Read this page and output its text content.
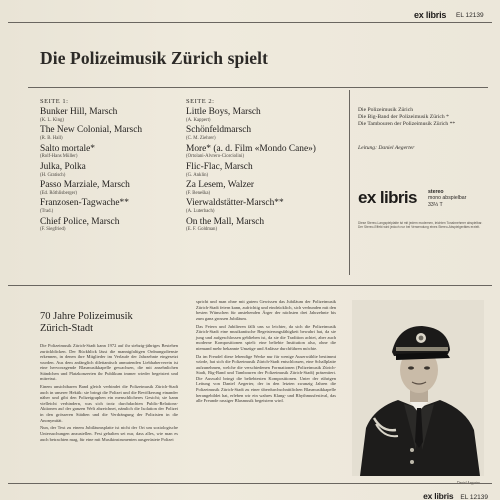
ex libris EL 12139
Die Polizeimusik Zürich spielt
SEITE 1:
Bunker Hill, Marsch
(K. L. King)
The New Colonial, Marsch
(R. B. Hall)
Salto mortale*
(Rolf-Hans Müller)
Julka, Polka
(H. Gratisch)
Passo Marziale, Marsch
(Ed. Röthlisberger)
Franzosen-Tagwache**
(Trad.)
Chief Police, Marsch
(F. Siegfried)
SEITE 2:
Little Boys, Marsch
(A. Kappert)
Schönfeldmarsch
(C. M. Ziehrer)
More* (a. d. Film «Mondo Cane»)
(Ortolani-Alvrero-Ciorciolini)
Flic-Flac, Marsch
(G. Anklin)
Za Lesem, Walzer
(F. Beneška)
Vierwaldstätter-Marsch**
(A. Luterbach)
On the Mall, Marsch
(E. F. Goldman)

Die Polizeimusik Zürich

Die Big-Band der Polizeimusik Zürich *

Die Tambouren der Polizeimusik Zürich **

Leitung: Daniel Aegerter
ex libris stereo
mono abspielbar
33⅓ T

Diese Stereo-Langspielplatte ist mit jedem modernen, leichten Tonabnehmer abspielbar. Der Stereo-Effekt wird jedoch nur bei Verwendung eines Stereo-Abspielgerätes erzielt.

70 Jahre Polizeimusik
Zürich-Stadt

Die Polizeimusik Zürich-Stadt kann 1972 auf ihr siebzig-jähriges Bestehen zurückblicken. Der Rückblick lässt die mannigfaltigen Ordnungsdienste erkennen, in denen ihre Mitglieder im Verlaufe der Jahrzehnte eingesetzt wurden. Aus dem anfänglich dilettantisch anmutenden Liebhaberverein ist eine hervorragende Blasmusikkapelle gewachsen, die mit ansehnlichen Ständchen und Platzkonzerten ihr Publikum immer wieder begeistert und mitreisst.

Einem unsichtbaren Band gleich verbindet die Polizeimusik Zürich-Stadt auch in unserer Hektik: sie bringt die Polizei und die Bevölkerung einander näher und gibt den Polizeigraphen ein menschlicheres Gesicht; sie kann vielleicht verhindern, was sich trotz durchdachten Public-Relations-Aktionen auf der ganzen Welt abzeichnet, nämlich die Isolation der Polizei in den grösseren Städten und die Verdrängung der Polizisten in die Anonymität.

Nun, der Text zu einem Jubiläumsplatte ist nicht der Ort um soziologische Untersuchungen anzustellen. Fest gehalten sei nur, dass alles, wie man es auch betrachten mag, für eine mit Musikinstrumenten ausgerüstete Polizei

spricht und man ohne mit gutem Gewissen das Jubiläum der Polizeimusik Zürich-Stadt feiern kann, aufrichtig und eindrücklich, sich verbunden mit den besten Wünschen für anstehenden Ärger der nächsten drei Jahrzehnte bis zum ganz grossen Jubiläum.

Das Feiern und Jubilieren fällt uns so leichter, da sich die Polizeimusik Zürich-Stadt eine musikantische Begeisterungsfähigkeit bewahrt hat, da sie jung und aufgeschlossen geblieben ist, da sie die Tradition achtet, aber auch moderne Kompositionen spielt: eine beliebte Institution also, ohne die niemand mehr bekannte Umzüge und Anlässe durchführen möchte.

Da im Freudel diese lebendige Werke nur für wenige Auserwählte bestimmt würde, hat sich die Polizeimusik Zürich-Stadt entschlossen, eine Schallplatte aufzunehmen, welche die verschiedenen Formationen (Polizeimusik Zürich-Stadt, Big-Band und Tambouren der Polizeimusik Zürich-Stadt) präsentiert. Die Auswahl bringt die beliebtesten Kompositionen. Unter der rührigen Leitung von Daniel Aegerter, der in den letzten zwanzig Jahren die Polizeimusik Zürich-Stadt zu einer überdurchschnittlichen Blasmusikkapelle herangebildet hat, erleben wir ein wahres Klang- und Rhythmusfestival, das alle Freunde rassiger Blasmusik begeistern wird.

ex libris EL 12139
